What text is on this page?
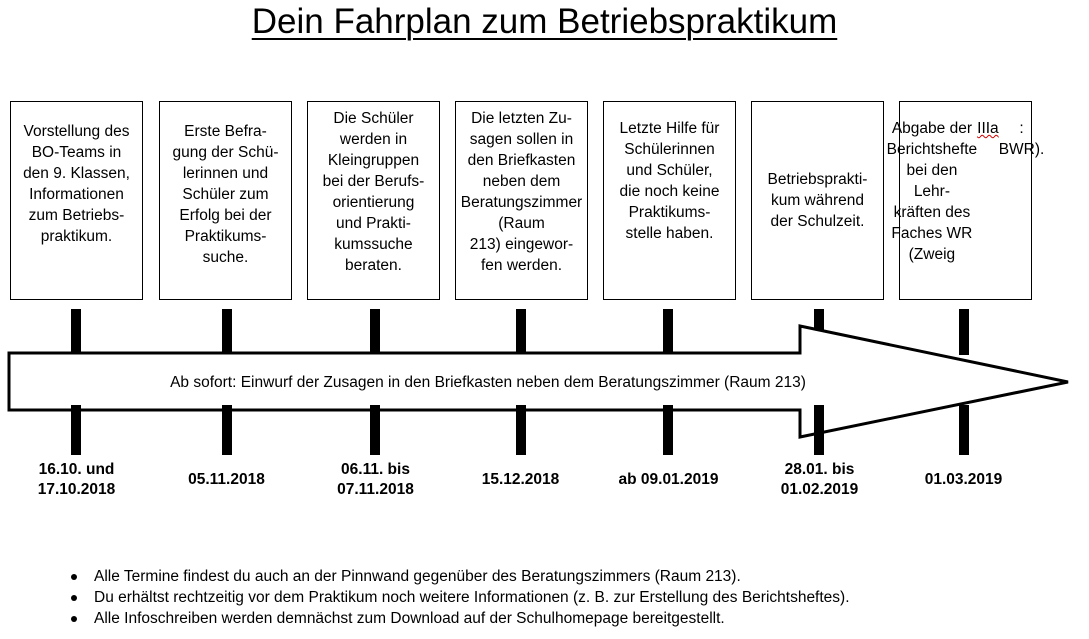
Dein Fahrplan zum Betriebspraktikum
Vorstellung des
BO-Teams in
den 9. Klassen,
Informationen
zum Betriebs-
praktikum.
Erste Befra-
gung der Schü-
lerinnen und
Schüler zum
Erfolg bei der
Praktikums-
suche.
Die Schüler
werden in
Kleingruppen
bei der Berufs-
orientierung
und Prakti-
kumssuche
beraten.
Die letzten Zu-
sagen sollen in
den Briefkasten
neben dem
Beratungszimmer (Raum
213) eingewor-
fen werden.
Letzte Hilfe für
Schülerinnen
und Schüler,
die noch keine
Praktikums-
stelle haben.
Betriebsprakti-
kum während
der Schulzeit.
Abgabe der
Berichtshefte
bei den Lehr-
kräften des
Faches WR
(Zweig
IIIa	:
BWR).
Ab sofort: Einwurf der Zusagen in den Briefkasten neben dem Beratungszimmer (Raum 213)
16.10. und
17.10.2018
05.11.2018
06.11. bis
07.11.2018
15.12.2018	ab 09.01.2019
28.01. bis
01.02.2019
01.03.2019
Alle Termine findest du auch an der Pinnwand gegenüber des Beratungszimmers (Raum 213).
Du erhältst rechtzeitig vor dem Praktikum noch weitere Informationen (z. B. zur Erstellung des Berichtsheftes).
Alle Infoschreiben werden demnächst zum Download auf der Schulhomepage bereitgestellt.
